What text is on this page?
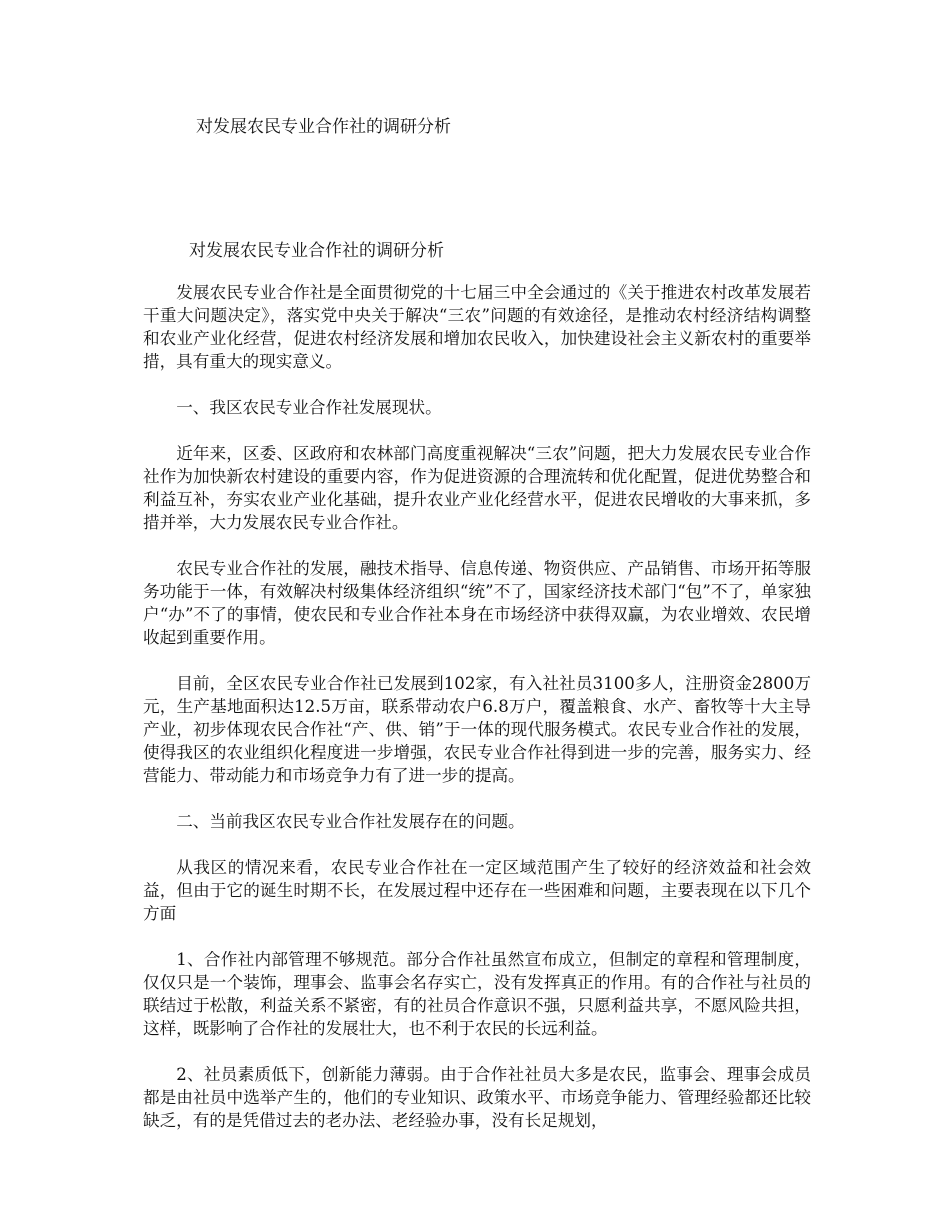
对发展农民专业合作社的调研分析
对发展农民专业合作社的调研分析

发展农民专业合作社是全面贯彻党的十七届三中全会通过的《关于推进农村改革发展若干重大问题决定》，落实党中央关于解决“三农”问题的有效途径，是推动农村经济结构调整和农业产业化经营，促进农村经济发展和增加农民收入，加快建设社会主义新农村的重要举措，具有重大的现实意义。

一、我区农民专业合作社发展现状。

近年来，区委、区政府和农林部门高度重视解决“三农”问题，把大力发展农民专业合作社作为加快新农村建设的重要内容，作为促进资源的合理流转和优化配置，促进优势整合和利益互补，夯实农业产业化基础，提升农业产业化经营水平，促进农民增收的大事来抓，多措并举，大力发展农民专业合作社。

农民专业合作社的发展，融技术指导、信息传递、物资供应、产品销售、市场开拓等服务功能于一体，有效解决村级集体经济组织“统”不了，国家经济技术部门“包”不了，单家独户“办”不了的事情，使农民和专业合作社本身在市场经济中获得双赢，为农业增效、农民增收起到重要作用。

目前，全区农民专业合作社已发展到102家，有入社社员3100多人，注册资金2800万元，生产基地面积达12.5万亩，联系带动农户6.8万户，覆盖粮食、水产、畜牧等十大主导产业，初步体现农民合作社“产、供、销”于一体的现代服务模式。农民专业合作社的发展，使得我区的农业组织化程度进一步增强，农民专业合作社得到进一步的完善，服务实力、经营能力、带动能力和市场竞争力有了进一步的提高。

二、当前我区农民专业合作社发展存在的问题。

从我区的情况来看，农民专业合作社在一定区域范围产生了较好的经济效益和社会效益，但由于它的诞生时期不长，在发展过程中还存在一些困难和问题，主要表现在以下几个方面

1、合作社内部管理不够规范。部分合作社虽然宣布成立，但制定的章程和管理制度，仅仅只是一个装饰，理事会、监事会名存实亡，没有发挥真正的作用。有的合作社与社员的联结过于松散，利益关系不紧密，有的社员合作意识不强，只愿利益共享，不愿风险共担，这样，既影响了合作社的发展壮大，也不利于农民的长远利益。

2、社员素质低下，创新能力薄弱。由于合作社社员大多是农民，监事会、理事会成员都是由社员中选举产生的，他们的专业知识、政策水平、市场竞争能力、管理经验都还比较缺乏，有的是凭借过去的老办法、老经验办事，没有长足规划，
